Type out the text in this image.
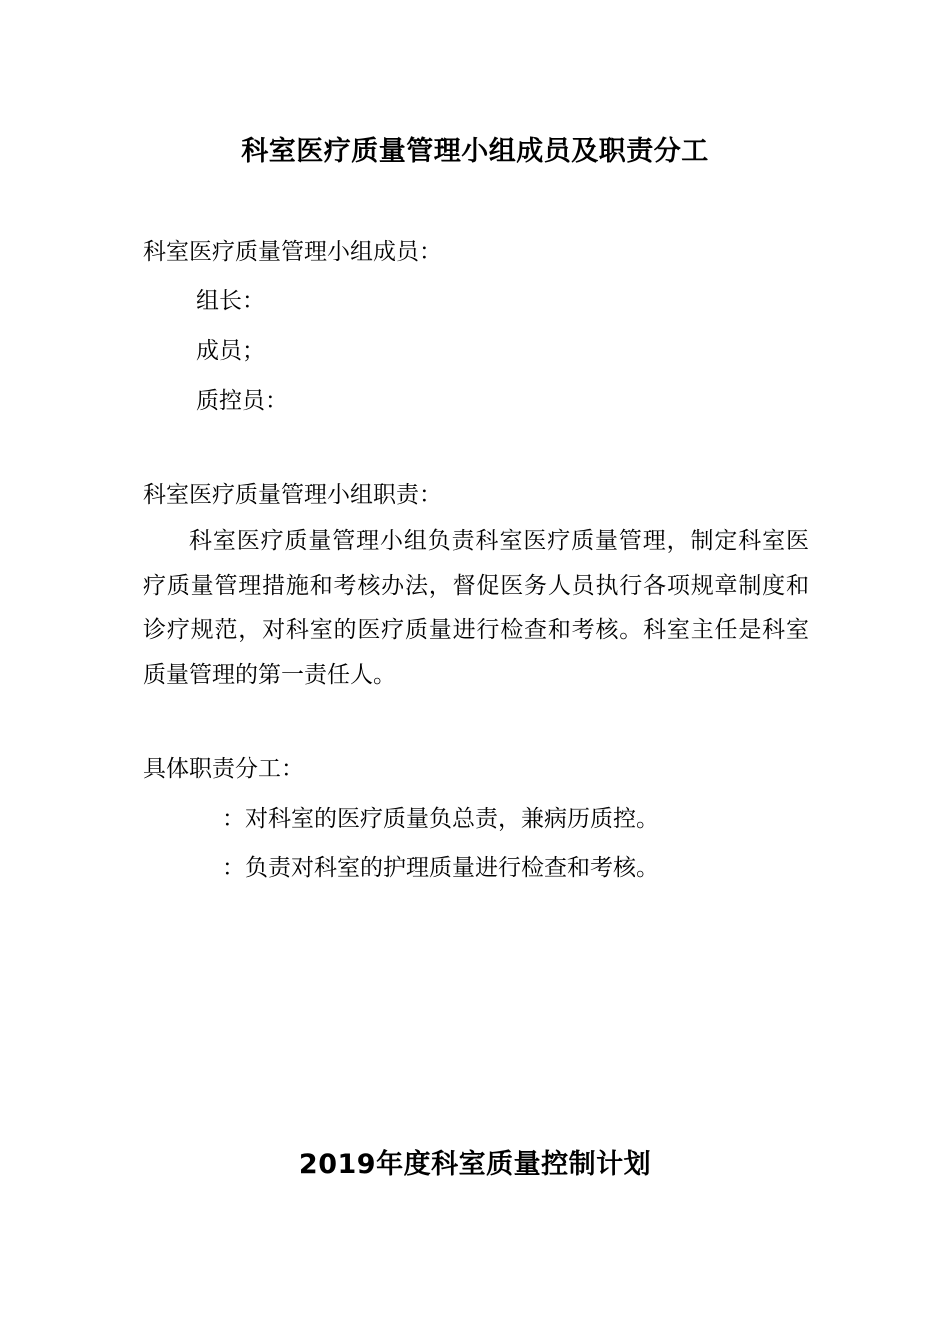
科室医疗质量管理小组成员及职责分工
科室医疗质量管理小组成员：
组长：
成员；
质控员：
科室医疗质量管理小组职责：
科室医疗质量管理小组负责科室医疗质量管理，制定科室医疗质量管理措施和考核办法，督促医务人员执行各项规章制度和诊疗规范，对科室的医疗质量进行检查和考核。科室主任是科室质量管理的第一责任人。
具体职责分工：
：对科室的医疗质量负总责，兼病历质控。
：负责对科室的护理质量进行检查和考核。
2019年度科室质量控制计划
